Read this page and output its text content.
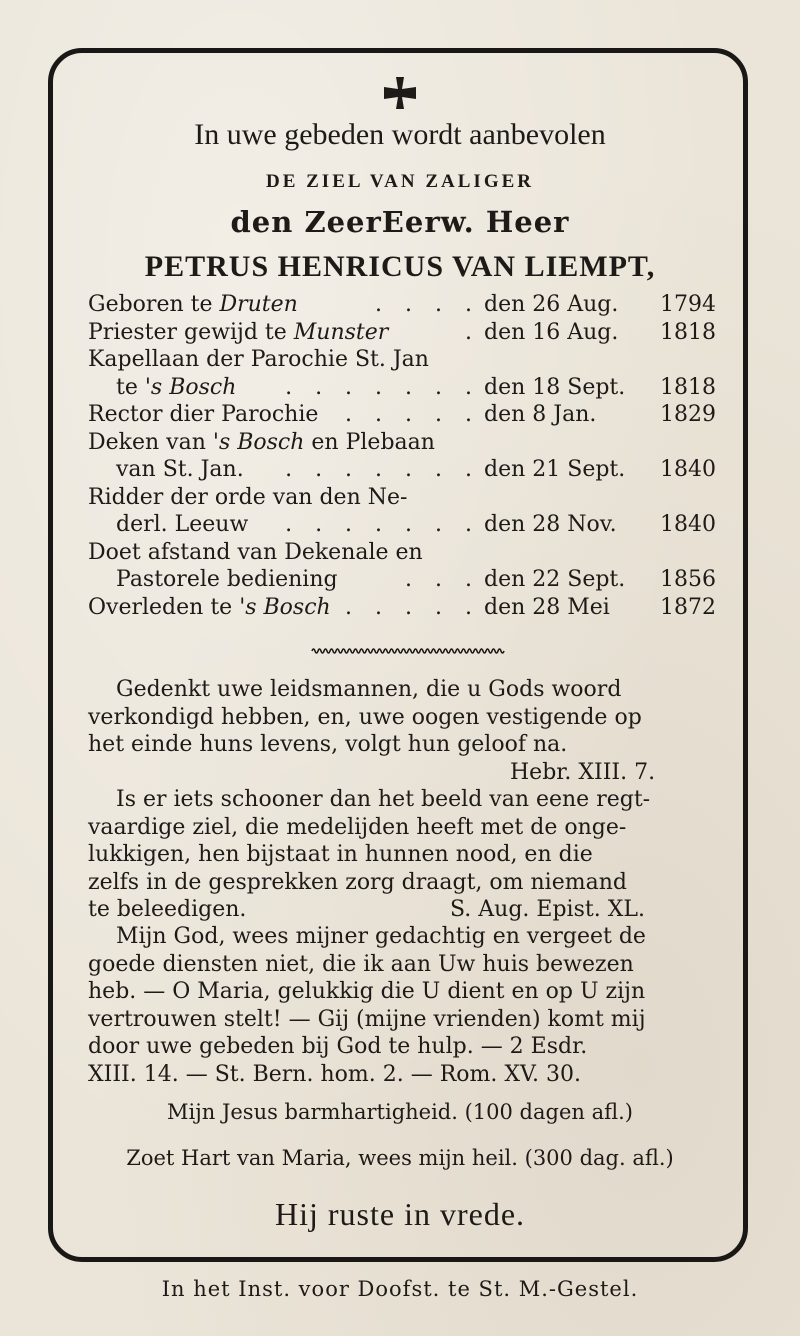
In uwe gebeden wordt aanbevolen
DE ZIEL VAN ZALIGER
den ZeerEerw. Heer
PETRUS HENRICUS VAN LIEMPT,
Geboren te Druten	. . . . den 26 Aug. 1794
Priester gewijd te Munster	. den 16 Aug. 1818
Kapellaan der Parochie St. Jan
te 's Bosch	. . . . . . . den 18 Sept. 1818
Rector dier Parochie	. . . . . den 8 Jan.	1829
Deken van 's Bosch en Plebaan
van St. Jan.	. . . . . . . den 21 Sept. 1840
Ridder der orde van den Ne-
derl. Leeuw	. . . . . . . den 28 Nov. 1840
Doet afstand van Dekenale en
Pastorele bediening	. . . den 22 Sept. 1856
Overleden te 's Bosch . . . . . den 28 Mei 1872
Gedenkt uwe leidsmannen, die u Gods woord
verkondigd hebben, en, uwe oogen vestigende op
het einde huns levens, volgt hun geloof na.
Hebr. XIII. 7.
Is er iets schooner dan het beeld van eene regt-
vaardige ziel, die medelijden heeft met de onge-
lukkigen, hen bijstaat in hunnen nood, en die
zelfs in de gesprekken zorg draagt, om niemand
te beleedigen.	S. Aug. Epist. XL.
Mijn God, wees mijner gedachtig en vergeet de
goede diensten niet, die ik aan Uw huis bewezen
heb. — O Maria, gelukkig die U dient en op U zijn
vertrouwen stelt! — Gij (mijne vrienden) komt mij
door uwe gebeden bij God te hulp. — 2 Esdr.
XIII. 14. — St. Bern. hom. 2. — Rom. XV. 30.
Mijn Jesus barmhartigheid. (100 dagen afl.)
Zoet Hart van Maria, wees mijn heil. (300 dag. afl.)
Hij ruste in vrede.
In het Inst. voor Doofst. te St. M.-Gestel.
